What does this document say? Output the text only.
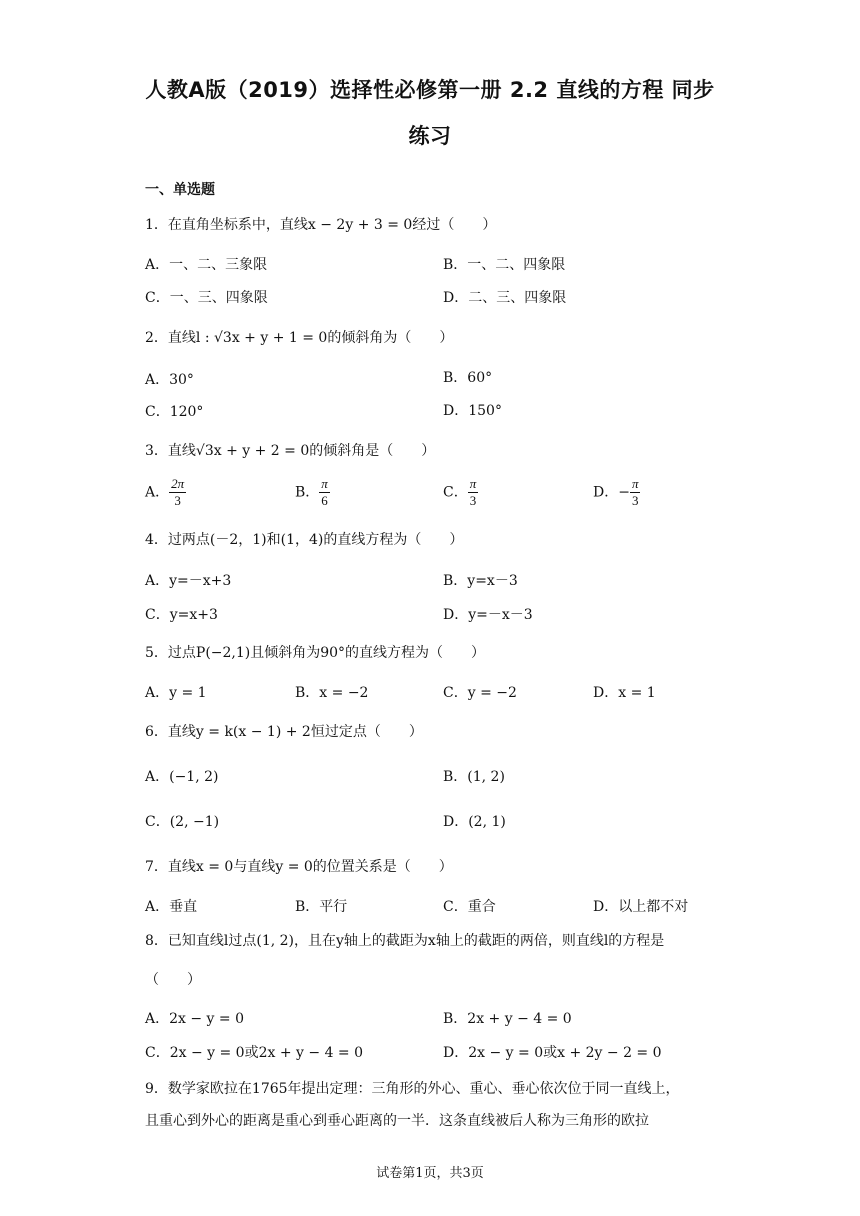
人教A版（2019）选择性必修第一册 2.2 直线的方程 同步
练习
一、单选题
1．在直角坐标系中，直线x − 2y + 3 = 0经过（　　）
A．一、二、三象限	B．一、二、四象限
C．一、三、四象限	D．二、三、四象限
2．直线l : √3x + y + 1 = 0的倾斜角为（　　）
A．30°	B．60°
C．120°	D．150°
3．直线√3x + y + 2 = 0的倾斜角是（　　）
A． $\frac{2\pi}{3}$	B． $\frac{\pi}{6}$	C． $\frac{\pi}{3}$	D．− $\frac{\pi}{3}$
4．过两点(－2，1)和(1，4)的直线方程为（　　）
A．y=－x+3	B．y=x－3
C．y=x+3	D．y=－x－3
5．过点P(−2,1)且倾斜角为90°的直线方程为（　　）
A．y = 1	B．x = −2	C．y = −2	D．x = 1
6．直线y = k(x − 1) + 2恒过定点（　　）
A．(−1, 2)	B．(1, 2)
C．(2, −1)	D．(2, 1)
7．直线x = 0与直线y = 0的位置关系是（　　）
A．垂直	B．平行	C．重合	D．以上都不对
8．已知直线l过点(1, 2)，且在y轴上的截距为x轴上的截距的两倍，则直线l的方程是
（　　）
A．2x − y = 0	B．2x + y − 4 = 0
C．2x − y = 0或2x + y − 4 = 0	D．2x − y = 0或x + 2y − 2 = 0
9．数学家欧拉在1765年提出定理：三角形的外心、重心、垂心依次位于同一直线上，
且重心到外心的距离是重心到垂心距离的一半．这条直线被后人称为三角形的欧拉
试卷第1页，共3页
